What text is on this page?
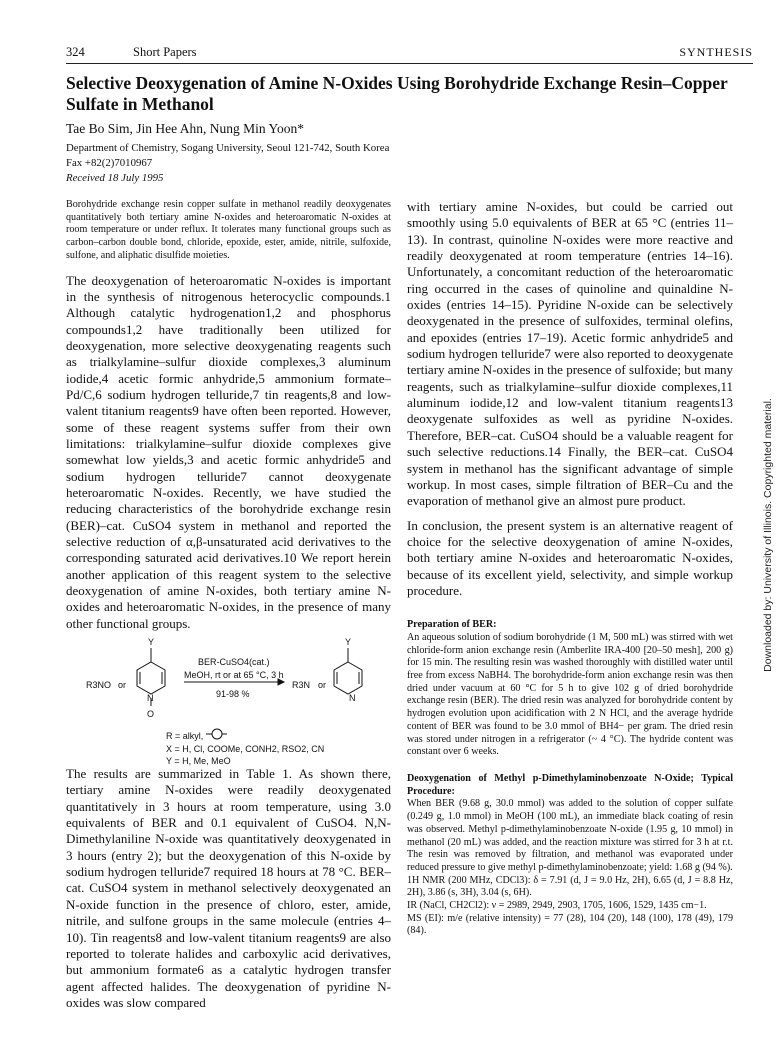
324	Short Papers	SYNTHESIS
Selective Deoxygenation of Amine N-Oxides Using Borohydride Exchange Resin–Copper Sulfate in Methanol
Tae Bo Sim, Jin Hee Ahn, Nung Min Yoon*
Department of Chemistry, Sogang University, Seoul 121-742, South Korea
Fax +82(2)7010967
Received 18 July 1995

Borohydride exchange resin copper sulfate in methanol readily deoxygenates quantitatively both tertiary amine N-oxides and heteroaromatic N-oxides at room temperature or under reflux. It tolerates many functional groups such as carbon–carbon double bond, chloride, epoxide, ester, amide, nitrile, sulfoxide, sulfone, and aliphatic disulfide moieties.

The deoxygenation of heteroaromatic N-oxides is important in the synthesis of nitrogenous heterocyclic compounds.1 Although catalytic hydrogenation1,2 and phosphorus compounds1,2 have traditionally been utilized for deoxygenation, more selective deoxygenating reagents such as trialkylamine–sulfur dioxide complexes,3 aluminum iodide,4 acetic formic anhydride,5 ammonium formate–Pd/C,6 sodium hydrogen telluride,7 tin reagents,8 and low-valent titanium reagents9 have often been reported. However, some of these reagent systems suffer from their own limitations: trialkylamine–sulfur dioxide complexes give somewhat low yields,3 and acetic formic anhydride5 and sodium hydrogen telluride7 cannot deoxygenate heteroaromatic N-oxides. Recently, we have studied the reducing characteristics of the borohydride exchange resin (BER)–cat. CuSO4 system in methanol and reported the selective reduction of α,β-unsaturated acid derivatives to the corresponding saturated acid derivatives.10 We report herein another application of this reagent system to the selective deoxygenation of amine N-oxides, both tertiary amine N-oxides and heteroaromatic N-oxides, in the presence of many other functional groups.

Y	Y
R3NO or
N
O
BER-CuSO4(cat.)
MeOH, rt or at 65 °C, 3 h
91-98 %
R3N or
N
R = alkyl,
X = H, Cl, COOMe, CONH2, RSO2, CN
Y = H, Me, MeO

The results are summarized in Table 1. As shown there, tertiary amine N-oxides were readily deoxygenated quantitatively in 3 hours at room temperature, using 3.0 equivalents of BER and 0.1 equivalent of CuSO4. N,N-Dimethylaniline N-oxide was quantitatively deoxygenated in 3 hours (entry 2); but the deoxygenation of this N-oxide by sodium hydrogen telluride7 required 18 hours at 78 °C. BER–cat. CuSO4 system in methanol selectively deoxygenated an N-oxide function in the presence of chloro, ester, amide, nitrile, and sulfone groups in the same molecule (entries 4–10). Tin reagents8 and low-valent titanium reagents9 are also reported to tolerate halides and carboxylic acid derivatives, but ammonium formate6 as a catalytic hydrogen transfer agent affected halides. The deoxygenation of pyridine N-oxides was slow compared

with tertiary amine N-oxides, but could be carried out smoothly using 5.0 equivalents of BER at 65 °C (entries 11–13). In contrast, quinoline N-oxides were more reactive and readily deoxygenated at room temperature (entries 14–16). Unfortunately, a concomitant reduction of the heteroaromatic ring occurred in the cases of quinoline and quinaldine N-oxides (entries 14–15). Pyridine N-oxide can be selectively deoxygenated in the presence of sulfoxides, terminal olefins, and epoxides (entries 17–19). Acetic formic anhydride5 and sodium hydrogen telluride7 were also reported to deoxygenate tertiary amine N-oxides in the presence of sulfoxide; but many reagents, such as trialkylamine–sulfur dioxide complexes,11 aluminum iodide,12 and low-valent titanium reagents13 deoxygenate sulfoxides as well as pyridine N-oxides. Therefore, BER–cat. CuSO4 should be a valuable reagent for such selective reductions.14 Finally, the BER–cat. CuSO4 system in methanol has the significant advantage of simple workup. In most cases, simple filtration of BER–Cu and the evaporation of methanol give an almost pure product.

In conclusion, the present system is an alternative reagent of choice for the selective deoxygenation of amine N-oxides, both tertiary amine N-oxides and heteroaromatic N-oxides, because of its excellent yield, selectivity, and simple workup procedure.

Preparation of BER:

An aqueous solution of sodium borohydride (1 M, 500 mL) was stirred with wet chloride-form anion exchange resin (Amberlite IRA-400 [20–50 mesh], 200 g) for 15 min. The resulting resin was washed thoroughly with distilled water until free from excess NaBH4. The borohydride-form anion exchange resin was then dried under vacuum at 60 °C for 5 h to give 102 g of dried borohydride exchange resin (BER). The dried resin was analyzed for borohydride content by hydrogen evolution upon acidification with 2 N HCl, and the average hydride content of BER was found to be 3.0 mmol of BH4− per gram. The dried resin was stored under nitrogen in a refrigerator (~ 4 °C). The hydride content was constant over 6 weeks.

Deoxygenation of Methyl p-Dimethylaminobenzoate N-Oxide; Typical Procedure:

When BER (9.68 g, 30.0 mmol) was added to the solution of copper sulfate (0.249 g, 1.0 mmol) in MeOH (100 mL), an immediate black coating of resin was observed. Methyl p-dimethylaminobenzoate N-oxide (1.95 g, 10 mmol) in methanol (20 mL) was added, and the reaction mixture was stirred for 3 h at r.t. The resin was removed by filtration, and methanol was evaporated under reduced pressure to give methyl p-dimethylaminobenzoate; yield: 1.68 g (94 %).

1H NMR (200 MHz, CDCl3): δ = 7.91 (d, J = 9.0 Hz, 2H), 6.65 (d, J = 8.8 Hz, 2H), 3.86 (s, 3H), 3.04 (s, 6H).

IR (NaCl, CH2Cl2): ν = 2989, 2949, 2903, 1705, 1606, 1529, 1435 cm−1.

MS (EI): m/e (relative intensity) = 77 (28), 104 (20), 148 (100), 178 (49), 179 (84).

Downloaded by: University of Illinois. Copyrighted material.
